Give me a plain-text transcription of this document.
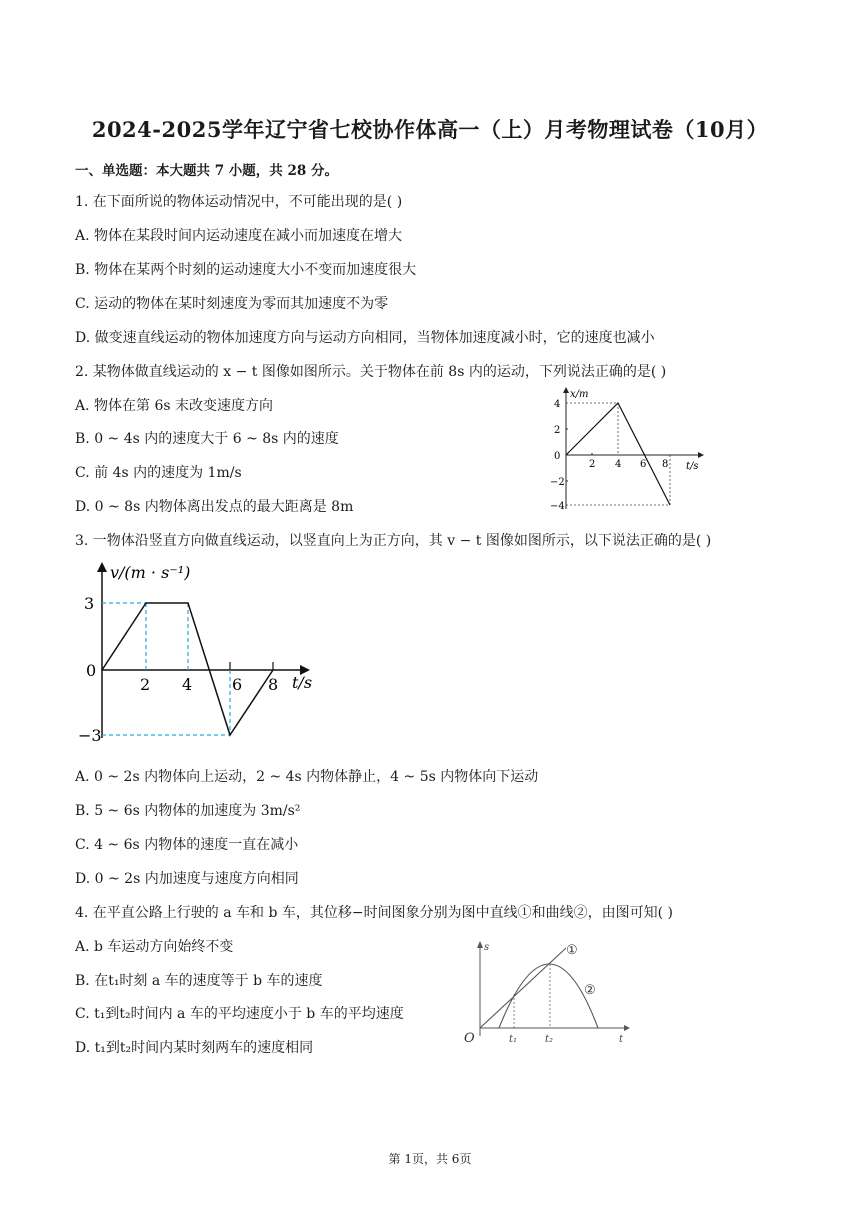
2024-2025学年辽宁省七校协作体高一（上）月考物理试卷（10月）
一、单选题：本大题共 7 小题，共 28 分。
1. 在下面所说的物体运动情况中，不可能出现的是( )
A. 物体在某段时间内运动速度在减小而加速度在增大
B. 物体在某两个时刻的运动速度大小不变而加速度很大
C. 运动的物体在某时刻速度为零而其加速度不为零
D. 做变速直线运动的物体加速度方向与运动方向相同，当物体加速度减小时，它的速度也减小
2. 某物体做直线运动的 x − t 图像如图所示。关于物体在前 8s 内的运动，下列说法正确的是( )
A. 物体在第 6s 末改变速度方向
B. 0 ~ 4s 内的速度大于 6 ~ 8s 内的速度
C. 前 4s 内的速度为 1m/s
D. 0 ~ 8s 内物体离出发点的最大距离是 8m
x/m
t/s
4
2
0
−2
−4
2 4 6 8
3. 一物体沿竖直方向做直线运动，以竖直向上为正方向，其 v − t 图像如图所示，以下说法正确的是( )
v/(m · s⁻¹)
t/s
3
0
−3
2 4 6 8
A. 0 ~ 2s 内物体向上运动，2 ~ 4s 内物体静止，4 ~ 5s 内物体向下运动
B. 5 ~ 6s 内物体的加速度为 3m/s²
C. 4 ~ 6s 内物体的速度一直在减小
D. 0 ~ 2s 内加速度与速度方向相同
4. 在平直公路上行驶的 a 车和 b 车，其位移−时间图象分别为图中直线①和曲线②，由图可知( )
A. b 车运动方向始终不变
B. 在t₁时刻 a 车的速度等于 b 车的速度
C. t₁到t₂时间内 a 车的平均速度小于 b 车的平均速度
D. t₁到t₂时间内某时刻两车的速度相同
s
t
O	t₁	t₂
①
②
第 1页，共 6页
